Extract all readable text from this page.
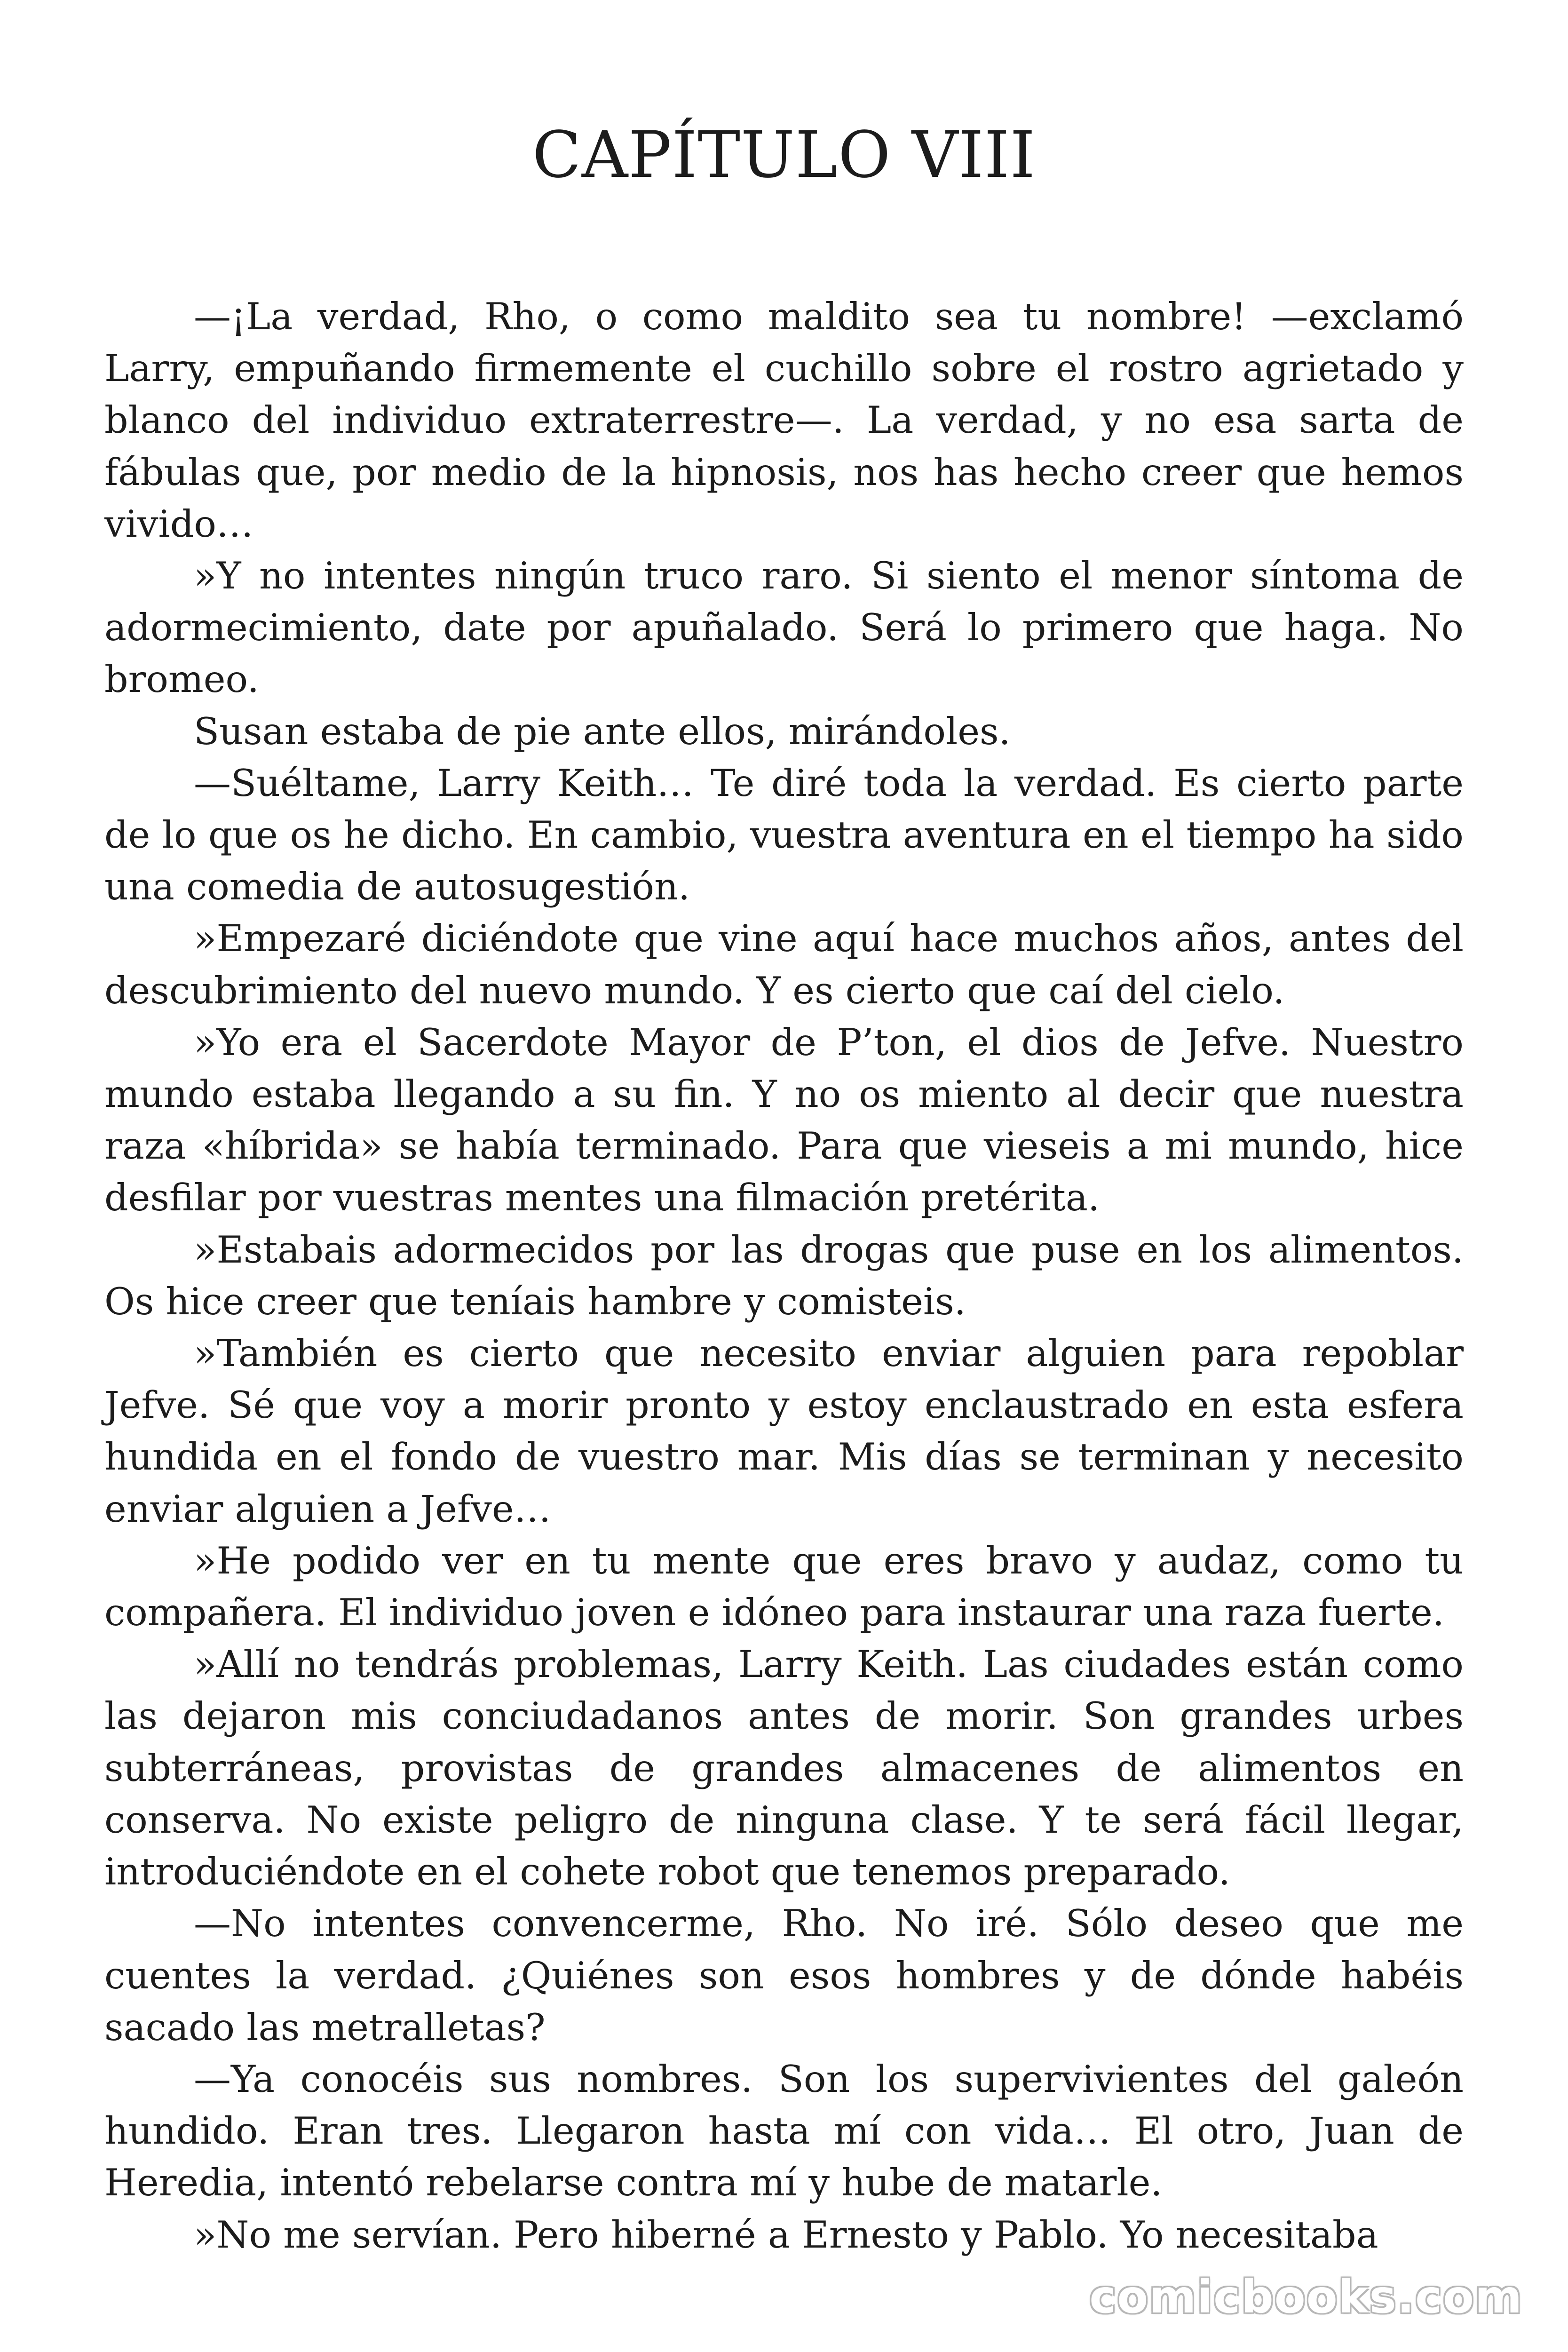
CAPÍTULO VIII

—¡La verdad, Rho, o como maldito sea tu nombre! —exclamó Larry, empuñando firmemente el cuchillo sobre el rostro agrietado y blanco del individuo extraterrestre—. La verdad, y no esa sarta de fábulas que, por medio de la hipnosis, nos has hecho creer que hemos vivido…

»Y no intentes ningún truco raro. Si siento el menor síntoma de adormecimiento, date por apuñalado. Será lo primero que haga. No bromeo.

Susan estaba de pie ante ellos, mirándoles.

—Suéltame, Larry Keith… Te diré toda la verdad. Es cierto parte de lo que os he dicho. En cambio, vuestra aventura en el tiempo ha sido una comedia de autosugestión.

»Empezaré diciéndote que vine aquí hace muchos años, antes del descubrimiento del nuevo mundo. Y es cierto que caí del cielo.

»Yo era el Sacerdote Mayor de P’ton, el dios de Jefve. Nuestro mundo estaba llegando a su fin. Y no os miento al decir que nuestra raza «híbrida» se había terminado. Para que vieseis a mi mundo, hice desfilar por vuestras mentes una filmación pretérita.

»Estabais adormecidos por las drogas que puse en los alimentos. Os hice creer que teníais hambre y comisteis.

»También es cierto que necesito enviar alguien para repoblar Jefve. Sé que voy a morir pronto y estoy enclaustrado en esta esfera hundida en el fondo de vuestro mar. Mis días se terminan y necesito enviar alguien a Jefve…

»He podido ver en tu mente que eres bravo y audaz, como tu compañera. El individuo joven e idóneo para instaurar una raza fuerte.

»Allí no tendrás problemas, Larry Keith. Las ciudades están como las dejaron mis conciudadanos antes de morir. Son grandes urbes subterráneas, provistas de grandes almacenes de alimentos en conserva. No existe peligro de ninguna clase. Y te será fácil llegar, introduciéndote en el cohete robot que tenemos preparado.

—No intentes convencerme, Rho. No iré. Sólo deseo que me cuentes la verdad. ¿Quiénes son esos hombres y de dónde habéis sacado las metralletas?

—Ya conocéis sus nombres. Son los supervivientes del galeón hundido. Eran tres. Llegaron hasta mí con vida… El otro, Juan de Heredia, intentó rebelarse contra mí y hube de matarle.

»No me servían. Pero hiberné a Ernesto y Pablo. Yo necesitaba

comicbooks.com
